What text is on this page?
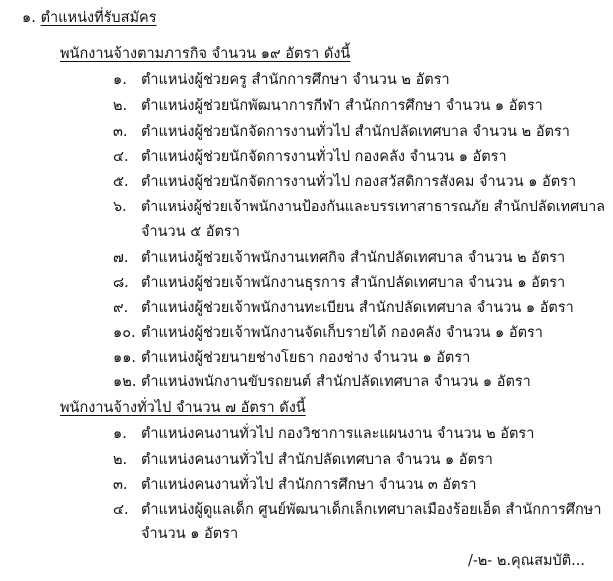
๑. ตำแหน่งที่รับสมัคร
พนักงานจ้างตามภารกิจ จำนวน ๑๙ อัตรา ดังนี้
๑. ตำแหน่งผู้ช่วยครู สำนักการศึกษา จำนวน ๒ อัตรา
๒. ตำแหน่งผู้ช่วยนักพัฒนาการกีฬา สำนักการศึกษา จำนวน ๑ อัตรา
๓. ตำแหน่งผู้ช่วยนักจัดการงานทั่วไป สำนักปลัดเทศบาล จำนวน ๒ อัตรา
๔. ตำแหน่งผู้ช่วยนักจัดการงานทั่วไป กองคลัง จำนวน ๑ อัตรา
๕. ตำแหน่งผู้ช่วยนักจัดการงานทั่วไป กองสวัสดิการสังคม จำนวน ๑ อัตรา
๖. ตำแหน่งผู้ช่วยเจ้าพนักงานป้องกันและบรรเทาสาธารณภัย สำนักปลัดเทศบาล
จำนวน ๕ อัตรา
๗. ตำแหน่งผู้ช่วยเจ้าพนักงานเทศกิจ สำนักปลัดเทศบาล จำนวน ๒ อัตรา
๘. ตำแหน่งผู้ช่วยเจ้าพนักงานธุรการ สำนักปลัดเทศบาล จำนวน ๑ อัตรา
๙. ตำแหน่งผู้ช่วยเจ้าพนักงานทะเบียน สำนักปลัดเทศบาล จำนวน ๑ อัตรา
๑๐. ตำแหน่งผู้ช่วยเจ้าพนักงานจัดเก็บรายได้ กองคลัง จำนวน ๑ อัตรา
๑๑. ตำแหน่งผู้ช่วยนายช่างโยธา กองช่าง จำนวน ๑ อัตรา
๑๒. ตำแหน่งพนักงานขับรถยนต์ สำนักปลัดเทศบาล จำนวน ๑ อัตรา
พนักงานจ้างทั่วไป จำนวน ๗ อัตรา ดังนี้
๑. ตำแหน่งคนงานทั่วไป กองวิชาการและแผนงาน จำนวน ๒ อัตรา
๒. ตำแหน่งคนงานทั่วไป สำนักปลัดเทศบาล จำนวน ๑ อัตรา
๓. ตำแหน่งคนงานทั่วไป สำนักการศึกษา จำนวน ๓ อัตรา
๔. ตำแหน่งผู้ดูแลเด็ก ศูนย์พัฒนาเด็กเล็กเทศบาลเมืองร้อยเอ็ด สำนักการศึกษา
จำนวน ๑ อัตรา
/-๒- ๒.คุณสมบัติ...
